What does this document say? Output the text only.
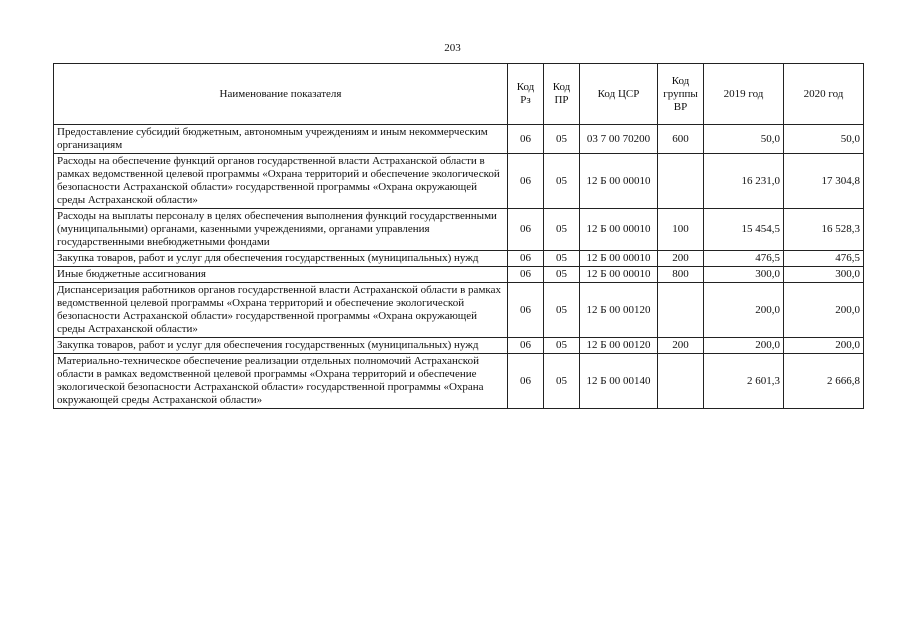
203
Наименование показателя	Код Рз	Код ПР	Код ЦСР	Код группы ВР	2019 год	2020 год
Предоставление субсидий бюджетным, автономным учреждениям и иным некоммерческим организациям	06	05	03 7 00 70200	600	50,0	50,0
Расходы на обеспечение функций органов государственной власти Астраханской области в рамках ведомственной целевой программы «Охрана территорий и обеспечение экологической безопасности Астраханской области» государственной программы «Охрана окружающей среды Астраханской области»	06	05	12 Б 00 00010		16 231,0	17 304,8
Расходы на выплаты персоналу в целях обеспечения выполнения функций государственными (муниципальными) органами, казенными учреждениями, органами управления государственными внебюджетными фондами	06	05	12 Б 00 00010	100	15 454,5	16 528,3
Закупка товаров, работ и услуг для обеспечения государственных (муниципальных) нужд	06	05	12 Б 00 00010	200	476,5	476,5
Иные бюджетные ассигнования	06	05	12 Б 00 00010	800	300,0	300,0
Диспансеризация работников органов государственной власти Астраханской области в рамках ведомственной целевой программы «Охрана территорий и обеспечение экологической безопасности Астраханской области» государственной программы «Охрана окружающей среды Астраханской области»	06	05	12 Б 00 00120		200,0	200,0
Закупка товаров, работ и услуг для обеспечения государственных (муниципальных) нужд	06	05	12 Б 00 00120	200	200,0	200,0
Материально-техническое обеспечение реализации отдельных полномочий Астраханской области в рамках ведомственной целевой программы «Охрана территорий и обеспечение экологической безопасности Астраханской области» государственной программы «Охрана окружающей среды Астраханской области»	06	05	12 Б 00 00140		2 601,3	2 666,8
